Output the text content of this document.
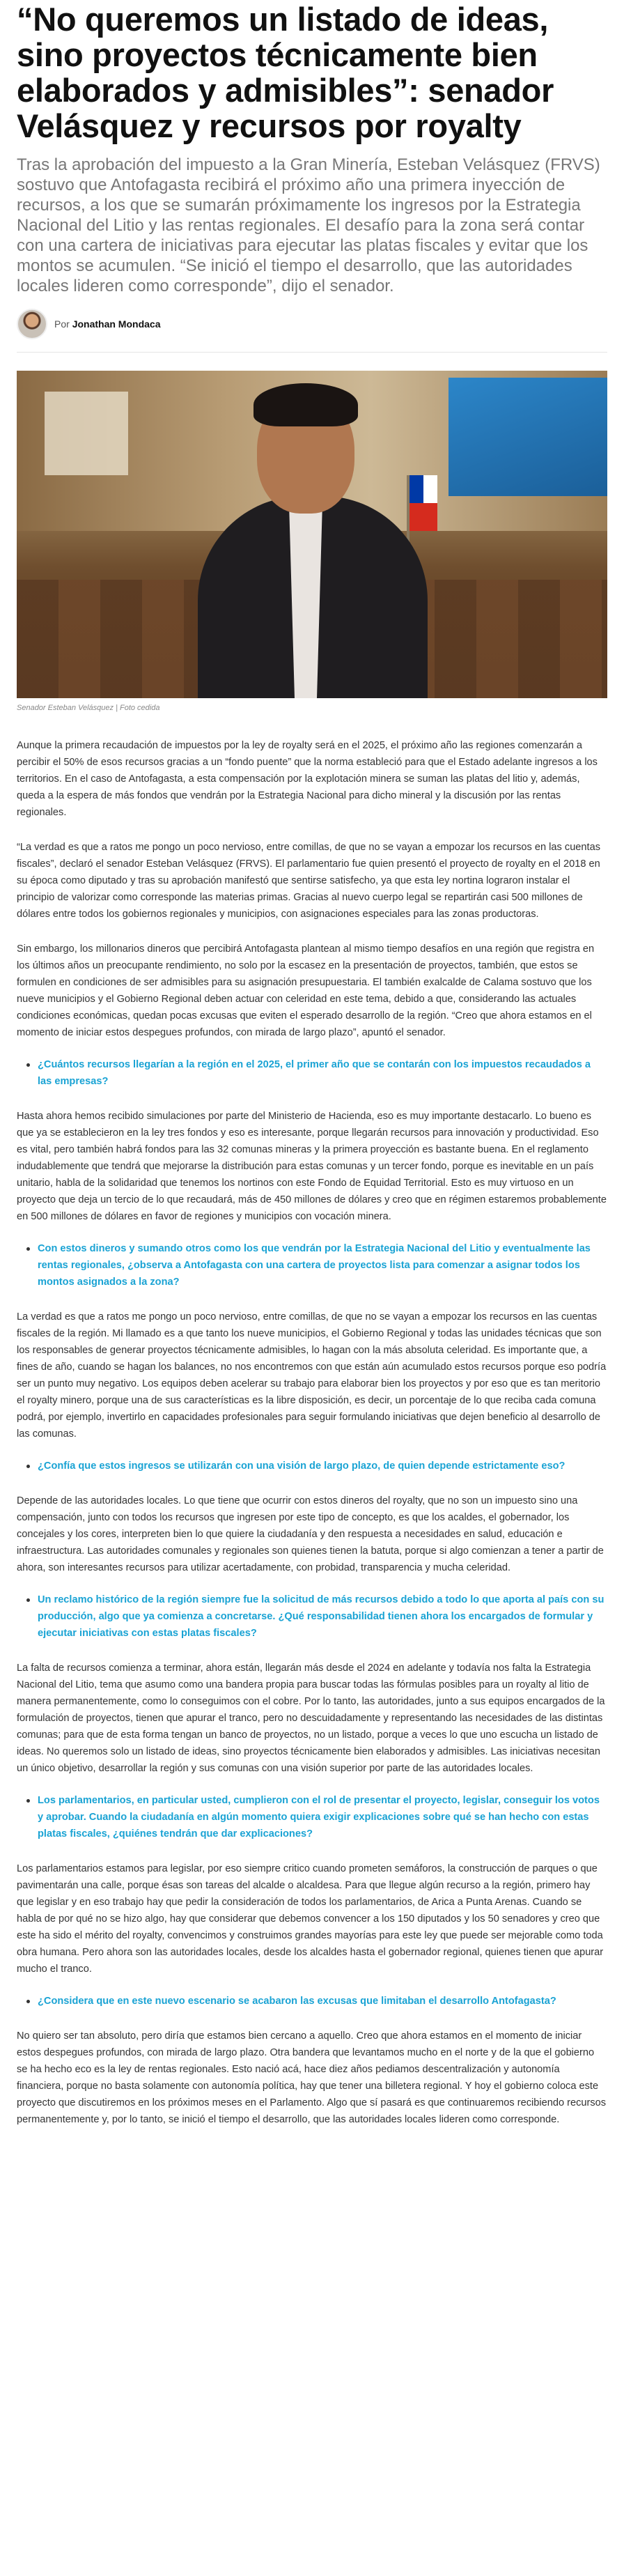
“No queremos un listado de ideas, sino proyectos técnicamente bien elaborados y admisibles”: senador Velásquez y recursos por royalty

Tras la aprobación del impuesto a la Gran Minería, Esteban Velásquez (FRVS) sostuvo que Antofagasta recibirá el próximo año una primera inyección de recursos, a los que se sumarán próximamente los ingresos por la Estrategia Nacional del Litio y las rentas regionales. El desafío para la zona será contar con una cartera de iniciativas para ejecutar las platas fiscales y evitar que los montos se acumulen. “Se inició el tiempo el desarrollo, que las autoridades locales lideren como corresponde”, dijo el senador.

Por Jonathan Mondaca
Senador Esteban Velásquez | Foto cedida

Aunque la primera recaudación de impuestos por la ley de royalty será en el 2025, el próximo año las regiones comenzarán a percibir el 50% de esos recursos gracias a un “fondo puente” que la norma estableció para que el Estado adelante ingresos a los territorios. En el caso de Antofagasta, a esta compensación por la explotación minera se suman las platas del litio y, además, queda a la espera de más fondos que vendrán por la Estrategia Nacional para dicho mineral y la discusión por las rentas regionales.

“La verdad es que a ratos me pongo un poco nervioso, entre comillas, de que no se vayan a empozar los recursos en las cuentas fiscales”, declaró el senador Esteban Velásquez (FRVS). El parlamentario fue quien presentó el proyecto de royalty en el 2018 en su época como diputado y tras su aprobación manifestó que sentirse satisfecho, ya que esta ley nortina lograron instalar el principio de valorizar como corresponde las materias primas. Gracias al nuevo cuerpo legal se repartirán casi 500 millones de dólares entre todos los gobiernos regionales y municipios, con asignaciones especiales para las zonas productoras.

Sin embargo, los millonarios dineros que percibirá Antofagasta plantean al mismo tiempo desafíos en una región que registra en los últimos años un preocupante rendimiento, no solo por la escasez en la presentación de proyectos, también, que estos se formulen en condiciones de ser admisibles para su asignación presupuestaria. El también exalcalde de Calama sostuvo que los nueve municipios y el Gobierno Regional deben actuar con celeridad en este tema, debido a que, considerando las actuales condiciones económicas, quedan pocas excusas que eviten el esperado desarrollo de la región. “Creo que ahora estamos en el momento de iniciar estos despegues profundos, con mirada de largo plazo”, apuntó el senador.

¿Cuántos recursos llegarían a la región en el 2025, el primer año que se contarán con los impuestos recaudados a las empresas?

Hasta ahora hemos recibido simulaciones por parte del Ministerio de Hacienda, eso es muy importante destacarlo. Lo bueno es que ya se establecieron en la ley tres fondos y eso es interesante, porque llegarán recursos para innovación y productividad. Eso es vital, pero también habrá fondos para las 32 comunas mineras y la primera proyección es bastante buena. En el reglamento indudablemente que tendrá que mejorarse la distribución para estas comunas y un tercer fondo, porque es inevitable en un país unitario, habla de la solidaridad que tenemos los nortinos con este Fondo de Equidad Territorial. Esto es muy virtuoso en un proyecto que deja un tercio de lo que recaudará, más de 450 millones de dólares y creo que en régimen estaremos probablemente en 500 millones de dólares en favor de regiones y municipios con vocación minera.

Con estos dineros y sumando otros como los que vendrán por la Estrategia Nacional del Litio y eventualmente las rentas regionales, ¿observa a Antofagasta con una cartera de proyectos lista para comenzar a asignar todos los montos asignados a la zona?

La verdad es que a ratos me pongo un poco nervioso, entre comillas, de que no se vayan a empozar los recursos en las cuentas fiscales de la región. Mi llamado es a que tanto los nueve municipios, el Gobierno Regional y todas las unidades técnicas que son los responsables de generar proyectos técnicamente admisibles, lo hagan con la más absoluta celeridad. Es importante que, a fines de año, cuando se hagan los balances, no nos encontremos con que están aún acumulado estos recursos porque eso podría ser un punto muy negativo. Los equipos deben acelerar su trabajo para elaborar bien los proyectos y por eso que es tan meritorio el royalty minero, porque una de sus características es la libre disposición, es decir, un porcentaje de lo que reciba cada comuna podrá, por ejemplo, invertirlo en capacidades profesionales para seguir formulando iniciativas que dejen beneficio al desarrollo de las comunas.

¿Confía que estos ingresos se utilizarán con una visión de largo plazo, de quien depende estrictamente eso?

Depende de las autoridades locales. Lo que tiene que ocurrir con estos dineros del royalty, que no son un impuesto sino una compensación, junto con todos los recursos que ingresen por este tipo de concepto, es que los acaldes, el gobernador, los concejales y los cores, interpreten bien lo que quiere la ciudadanía y den respuesta a necesidades en salud, educación e infraestructura. Las autoridades comunales y regionales son quienes tienen la batuta, porque si algo comienzan a tener a partir de ahora, son interesantes recursos para utilizar acertadamente, con probidad, transparencia y mucha celeridad.

Un reclamo histórico de la región siempre fue la solicitud de más recursos debido a todo lo que aporta al país con su producción, algo que ya comienza a concretarse. ¿Qué responsabilidad tienen ahora los encargados de formular y ejecutar iniciativas con estas platas fiscales?

La falta de recursos comienza a terminar, ahora están, llegarán más desde el 2024 en adelante y todavía nos falta la Estrategia Nacional del Litio, tema que asumo como una bandera propia para buscar todas las fórmulas posibles para un royalty al litio de manera permanentemente, como lo conseguimos con el cobre. Por lo tanto, las autoridades, junto a sus equipos encargados de la formulación de proyectos, tienen que apurar el tranco, pero no descuidadamente y representando las necesidades de las distintas comunas; para que de esta forma tengan un banco de proyectos, no un listado, porque a veces lo que uno escucha un listado de ideas. No queremos solo un listado de ideas, sino proyectos técnicamente bien elaborados y admisibles. Las iniciativas necesitan un único objetivo, desarrollar la región y sus comunas con una visión superior por parte de las autoridades locales.

Los parlamentarios, en particular usted, cumplieron con el rol de presentar el proyecto, legislar, conseguir los votos y aprobar. Cuando la ciudadanía en algún momento quiera exigir explicaciones sobre qué se han hecho con estas platas fiscales, ¿quiénes tendrán que dar explicaciones?

Los parlamentarios estamos para legislar, por eso siempre critico cuando prometen semáforos, la construcción de parques o que pavimentarán una calle, porque ésas son tareas del alcalde o alcaldesa. Para que llegue algún recurso a la región, primero hay que legislar y en eso trabajo hay que pedir la consideración de todos los parlamentarios, de Arica a Punta Arenas. Cuando se habla de por qué no se hizo algo, hay que considerar que debemos convencer a los 150 diputados y los 50 senadores y creo que este ha sido el mérito del royalty, convencimos y construimos grandes mayorías para este ley que puede ser mejorable como toda obra humana. Pero ahora son las autoridades locales, desde los alcaldes hasta el gobernador regional, quienes tienen que apurar mucho el tranco.

¿Considera que en este nuevo escenario se acabaron las excusas que limitaban el desarrollo Antofagasta?

No quiero ser tan absoluto, pero diría que estamos bien cercano a aquello. Creo que ahora estamos en el momento de iniciar estos despegues profundos, con mirada de largo plazo. Otra bandera que levantamos mucho en el norte y de la que el gobierno se ha hecho eco es la ley de rentas regionales. Esto nació acá, hace diez años pediamos descentralización y autonomía financiera, porque no basta solamente con autonomía política, hay que tener una billetera regional. Y hoy el gobierno coloca este proyecto que discutiremos en los próximos meses en el Parlamento. Algo que sí pasará es que continuaremos recibiendo recursos permanentemente y, por lo tanto, se inició el tiempo el desarrollo, que las autoridades locales lideren como corresponde.
